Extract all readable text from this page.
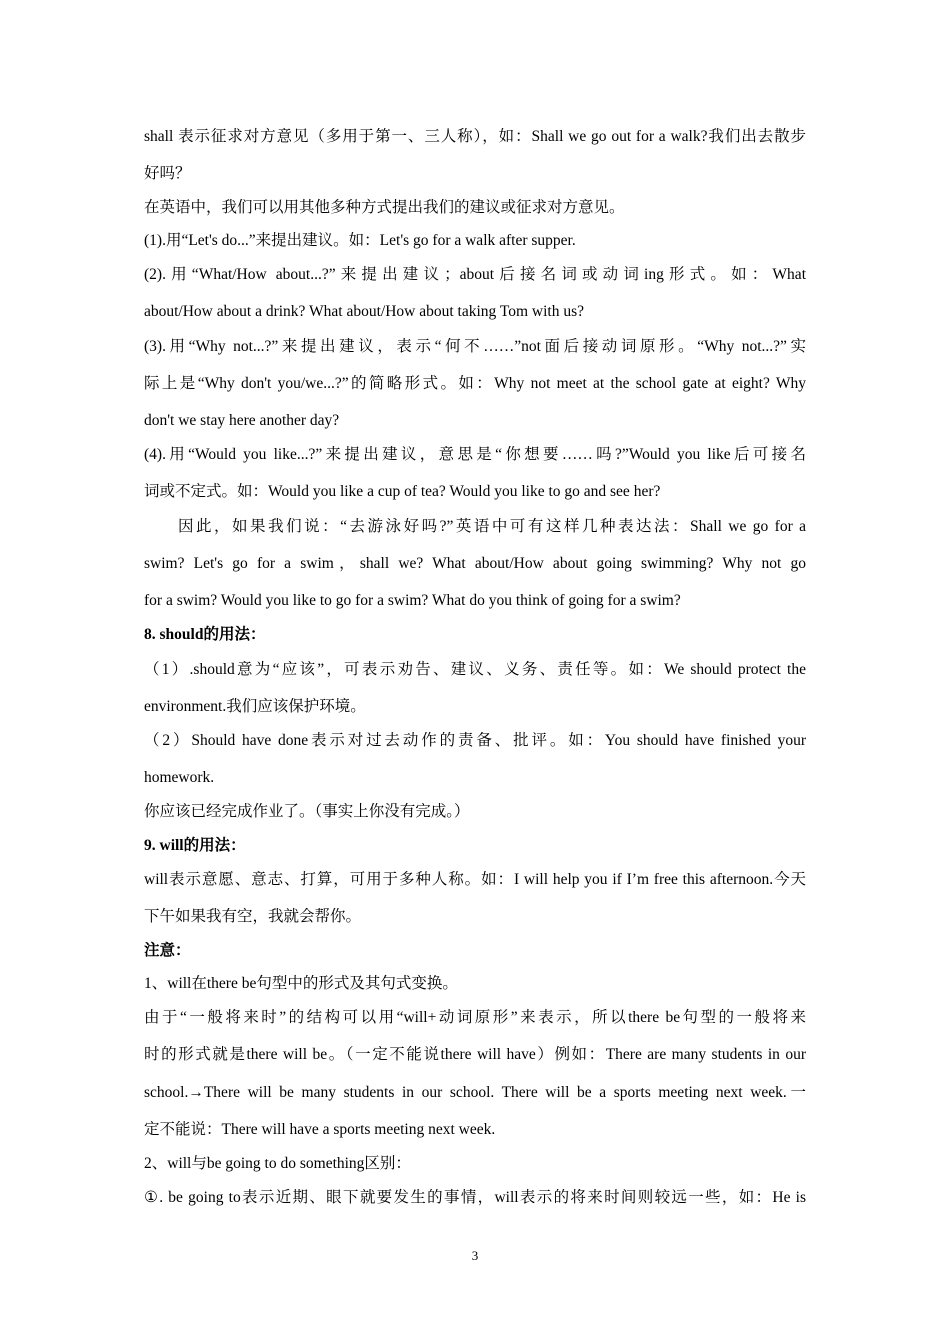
shall 表示征求对方意见（多用于第一、三人称），如：Shall we go out for a walk?我们出去散步
好吗？
在英语中，我们可以用其他多种方式提出我们的建议或征求对方意见。
(1).用“Let's do...”来提出建议。如：Let's go for a walk after supper.
(2).用“What/How about...?”来提出建议；about后接名词或动词ing形式。如：What
about/How about a drink? What about/How about taking Tom with us?
(3).用“Why not...?”来提出建议，表示“何不……”not面后接动词原形。“Why not...?”实
际上是“Why don't you/we...?”的简略形式。如：Why not meet at the school gate at eight? Why
don't we stay here another day?
(4).用“Would you like...?”来提出建议，意思是“你想要……吗?”Would you like后可接名
词或不定式。如：Would you like a cup of tea? Would you like to go and see her?
因此，如果我们说：“去游泳好吗?”英语中可有这样几种表达法：Shall we go for a
swim? Let's go for a swim，shall we? What about/How about going swimming? Why not go
for a swim? Would you like to go for a swim? What do you think of going for a swim?
8. should的用法：
（1）.should意为“应该”，可表示劝告、建议、义务、责任等。如：We should protect the
environment.我们应该保护环境。
（2）Should have done表示对过去动作的责备、批评。如：You should have finished your
homework.
你应该已经完成作业了。（事实上你没有完成。）
9. will的用法：
will表示意愿、意志、打算，可用于多种人称。如：I will help you if I’m free this afternoon.今天
下午如果我有空，我就会帮你。
注意：
1、will在there be句型中的形式及其句式变换。
由于“一般将来时”的结构可以用“will+动词原形”来表示，所以there be句型的一般将来
时的形式就是there will be。（一定不能说there will have）例如：There are many students in our
school.→There will be many students in our school. There will be a sports meeting next week.一
定不能说：There will have a sports meeting next week.
2、will与be going to do something区别：
①. be going to表示近期、眼下就要发生的事情，will表示的将来时间则较远一些，如：He is
3
